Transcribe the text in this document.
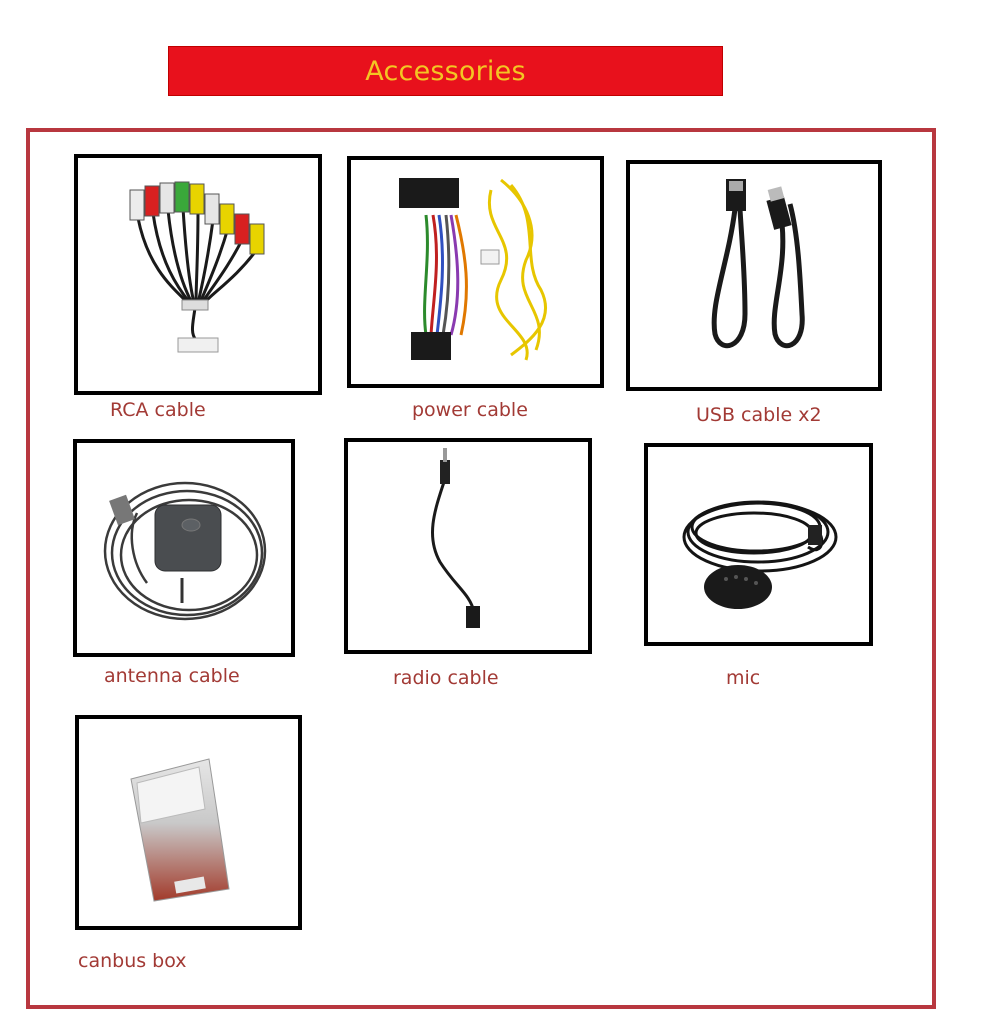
Accessories
RCA cable	power cable	USB cable x2
antenna cable	radio cable	mic
canbus box
